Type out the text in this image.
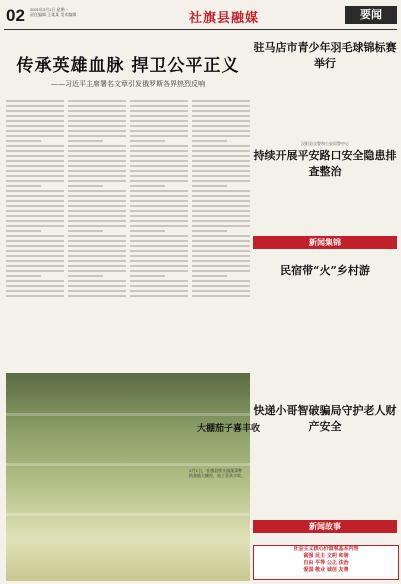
02 2021年3月1日 星期一
责任编辑 王某某 美术编辑	社旗县融媒	要闻
传承英雄血脉 捍卫公平正义
——习近平主席署名文章引发俄罗斯各界热烈反响
大棚茄子喜丰收
3月1日，社旗县桥头镇蔬菜种植基地大棚里，茄子喜获丰收。
驻马店市青少年羽毛球锦标赛举行
汉阳县交警和公安局警中心
持续开展平安路口安全隐患排查整治
新闻集锦
民宿带“火”乡村游
快递小哥智破骗局守护老人财产安全
新闻故事
社会主义核心价值观基本内容
富强 民主 文明 和谐
自由 平等 公正 法治
爱国 敬业 诚信 友善
